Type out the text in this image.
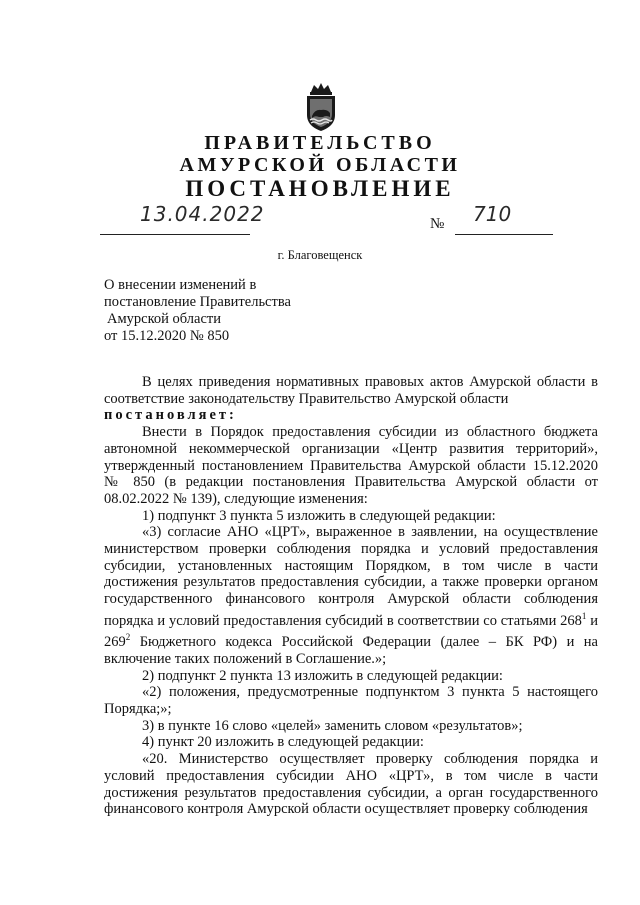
ПРАВИТЕЛЬСТВО
АМУРСКОЙ ОБЛАСТИ
ПОСТАНОВЛЕНИЕ
13.04.2022	№ 710
г. Благовещенск
О внесении изменений в
постановление Правительства
Амурской области
от 15.12.2020 № 850

В целях приведения нормативных правовых актов Амурской области в соответствие законодательству Правительство Амурской области

постановляет:

Внести в Порядок предоставления субсидии из областного бюджета автономной некоммерческой организации «Центр развития территорий», утвержденный постановлением Правительства Амурской области 15.12.2020 № 850 (в редакции постановления Правительства Амурской области от 08.02.2022 № 139), следующие изменения:

1) подпункт 3 пункта 5 изложить в следующей редакции:

«3) согласие АНО «ЦРТ», выраженное в заявлении, на осуществление министерством проверки соблюдения порядка и условий предоставления субсидии, установленных настоящим Порядком, в том числе в части достижения результатов предоставления субсидии, а также проверки органом государственного финансового контроля Амурской области соблюдения порядка и условий предоставления субсидий в соответствии со статьями $268^1$ и $269^2$ Бюджетного кодекса Российской Федерации (далее – БК РФ) и на включение таких положений в Соглашение.»;

2) подпункт 2 пункта 13 изложить в следующей редакции:

«2) положения, предусмотренные подпунктом 3 пункта 5 настоящего Порядка;»;

3) в пункте 16 слово «целей» заменить словом «результатов»;

4) пункт 20 изложить в следующей редакции:

«20. Министерство осуществляет проверку соблюдения порядка и условий предоставления субсидии АНО «ЦРТ», в том числе в части достижения результатов предоставления субсидии, а орган государственного финансового контроля Амурской области осуществляет проверку соблюдения
